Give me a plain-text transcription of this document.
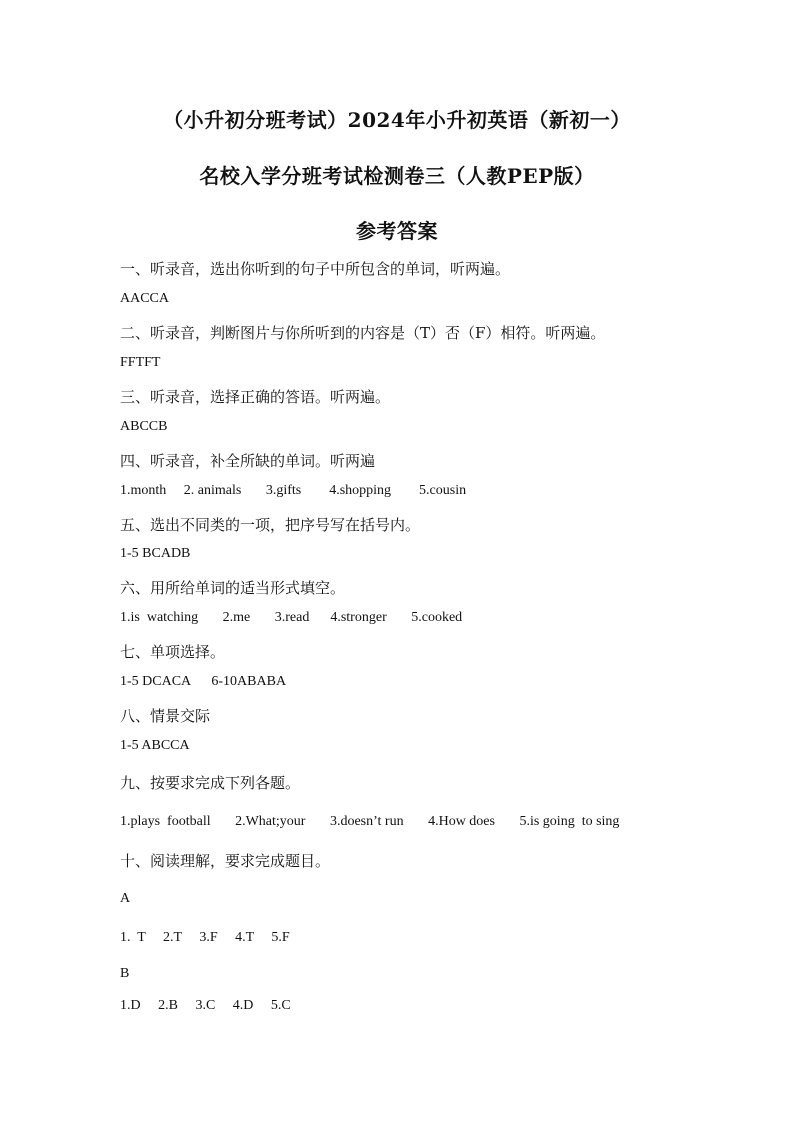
（小升初分班考试）2024年小升初英语（新初一）
名校入学分班考试检测卷三（人教PEP版）
参考答案
一、听录音，选出你听到的句子中所包含的单词，听两遍。
AACCA
二、听录音，判断图片与你所听到的内容是（T）否（F）相符。听两遍。
FFTFT
三、听录音，选择正确的答语。听两遍。
ABCCB
四、听录音，补全所缺的单词。听两遍
1.month     2. animals       3.gifts        4.shopping        5.cousin
五、选出不同类的一项，把序号写在括号内。
1-5 BCADB
六、用所给单词的适当形式填空。
1.is  watching       2.me       3.read      4.stronger       5.cooked
七、单项选择。
1-5 DCACA      6-10ABABA
八、情景交际
1-5 ABCCA
九、按要求完成下列各题。
1.plays  football       2.What;your       3.doesn’t run       4.How does       5.is going  to sing
十、阅读理解，要求完成题目。
A
1.  T     2.T     3.F     4.T     5.F
B
1.D     2.B     3.C     4.D     5.C
